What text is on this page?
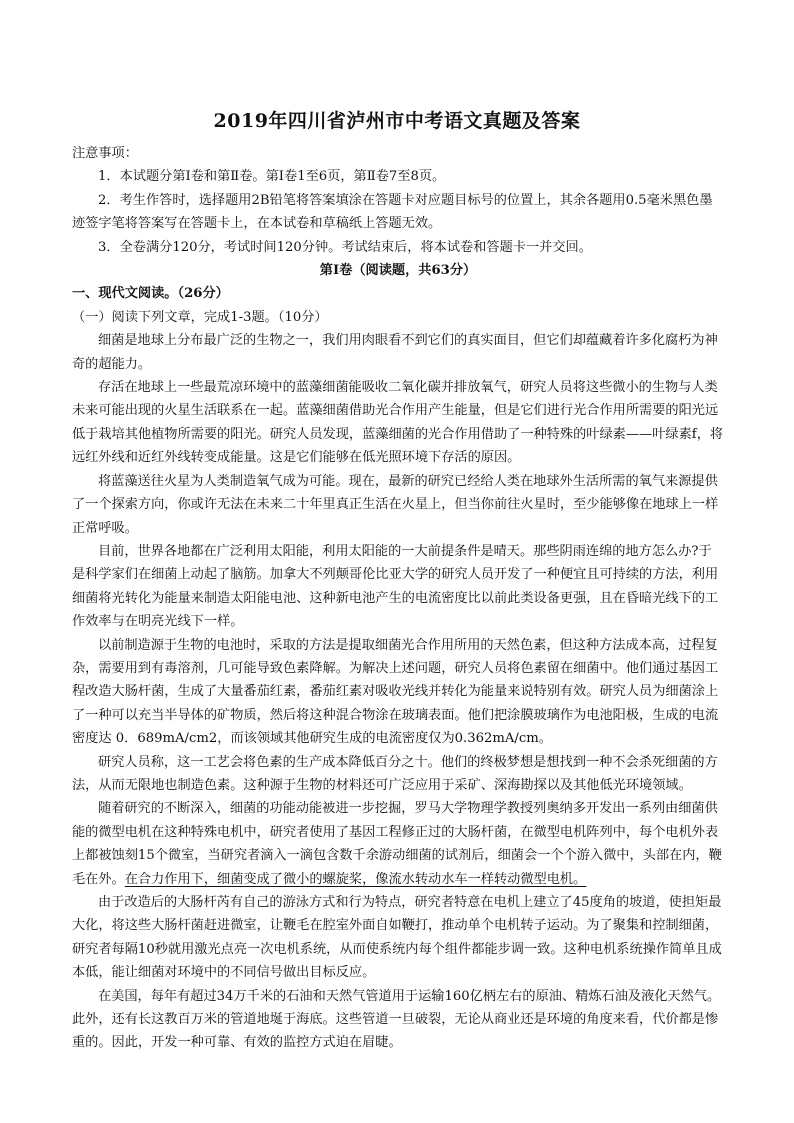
2019年四川省泸州市中考语文真题及答案

注意事项：

1．本试题分第Ⅰ卷和第Ⅱ卷。第Ⅰ卷1至6页，第Ⅱ卷7至8页。

2．考生作答时，选择题用2B铅笔将答案填涂在答题卡对应题目标号的位置上，其余各题用0.5毫米黑色墨迹签字笔将答案写在答题卡上，在本试卷和草稿纸上答题无效。

3．全卷满分120分，考试时间120分钟。考试结束后，将本试卷和答题卡一并交回。

第Ⅰ卷（阅读题，共63分）

一、现代文阅读。（26分）

（一）阅读下列文章，完成1-3题。（10分）

细菌是地球上分布最广泛的生物之一，我们用肉眼看不到它们的真实面目，但它们却蕴藏着许多化腐朽为神奇的超能力。

存活在地球上一些最荒凉环境中的蓝藻细菌能吸收二氧化碳并排放氧气，研究人员将这些微小的生物与人类未来可能出现的火星生活联系在一起。蓝藻细菌借助光合作用产生能量，但是它们进行光合作用所需要的阳光远低于栽培其他植物所需要的阳光。研究人员发现，蓝藻细菌的光合作用借助了一种特殊的叶绿素——叶绿素f，将远红外线和近红外线转变成能量。这是它们能够在低光照环境下存活的原因。

将蓝藻送往火星为人类制造氧气成为可能。现在，最新的研究已经给人类在地球外生活所需的氧气来源提供了一个探索方向，你或许无法在未来二十年里真正生活在火星上，但当你前往火星时，至少能够像在地球上一样正常呼吸。

目前，世界各地都在广泛利用太阳能，利用太阳能的一大前提条件是晴天。那些阴雨连绵的地方怎么办?于是科学家们在细菌上动起了脑筋。加拿大不列颠哥伦比亚大学的研究人员开发了一种便宜且可持续的方法，利用细菌将光转化为能量来制造太阳能电池、这种新电池产生的电流密度比以前此类设备更强，且在昏暗光线下的工作效率与在明亮光线下一样。

以前制造源于生物的电池时，采取的方法是提取细菌光合作用所用的天然色素，但这种方法成本高，过程复杂，需要用到有毒溶剂，几可能导致色素降解。为解决上述问题，研究人员将色素留在细菌中。他们通过基因工程改造大肠杆菌，生成了大量番茄红素，番茄红素对吸收光线并转化为能量来说特别有效。研究人员为细菌涂上了一种可以充当半导体的矿物质，然后将这种混合物涂在玻璃表面。他们把涂膜玻璃作为电池阳极，生成的电流密度达 0．689mA/cm2，而该领域其他研究生成的电流密度仅为0.362mA/cm。

研究人员称，这一工艺会将色素的生产成本降低百分之十。他们的终极梦想是想找到一种不会杀死细菌的方法，从而无限地也制造色素。这种源于生物的材料还可广泛应用于采矿、深海勘探以及其他低光环境领域。

随着研究的不断深入，细菌的功能动能被进一步挖掘，罗马大学物理学教授列奥纳多开发出一系列由细菌供能的微型电机在这种特殊电机中，研究者使用了基因工程修正过的大肠杆菌，在微型电机阵列中，每个电机外表上都被蚀刻15个微室，当研究者滴入一滴包含数千余游动细菌的试剂后，细菌会一个个游入微中，头部在内，鞭毛在外。在合力作用下，细菌变成了微小的螺旋桨，像流水转动水车一样转动微型电机。

由于改造后的大肠杆芮有自己的游泳方式和行为特点，研究者特意在电机上建立了45度角的坡道，使担矩最大化，将这些大肠杆菌赶进微室，让鞭毛在腔室外面自如鞭打，推动单个电机转子运动。为了聚集和控制细菌，研究者每隔10秒就用激光点亮一次电机系统，从而使系统内每个组件都能步调一致。这种电机系统操作简单且成本低，能让细菌对环境中的不同信号做出目标反应。

在美国，每年有超过34万千米的石油和天然气管道用于运输160亿柄左右的原油、精炼石油及液化天然气。此外，还有长这教百万米的管道地埏于海底。这些管道一旦破裂，无论从商业还是环境的角度来看，代价都是惨重的。因此，开发一种可靠、有效的监控方式迫在眉睫。
